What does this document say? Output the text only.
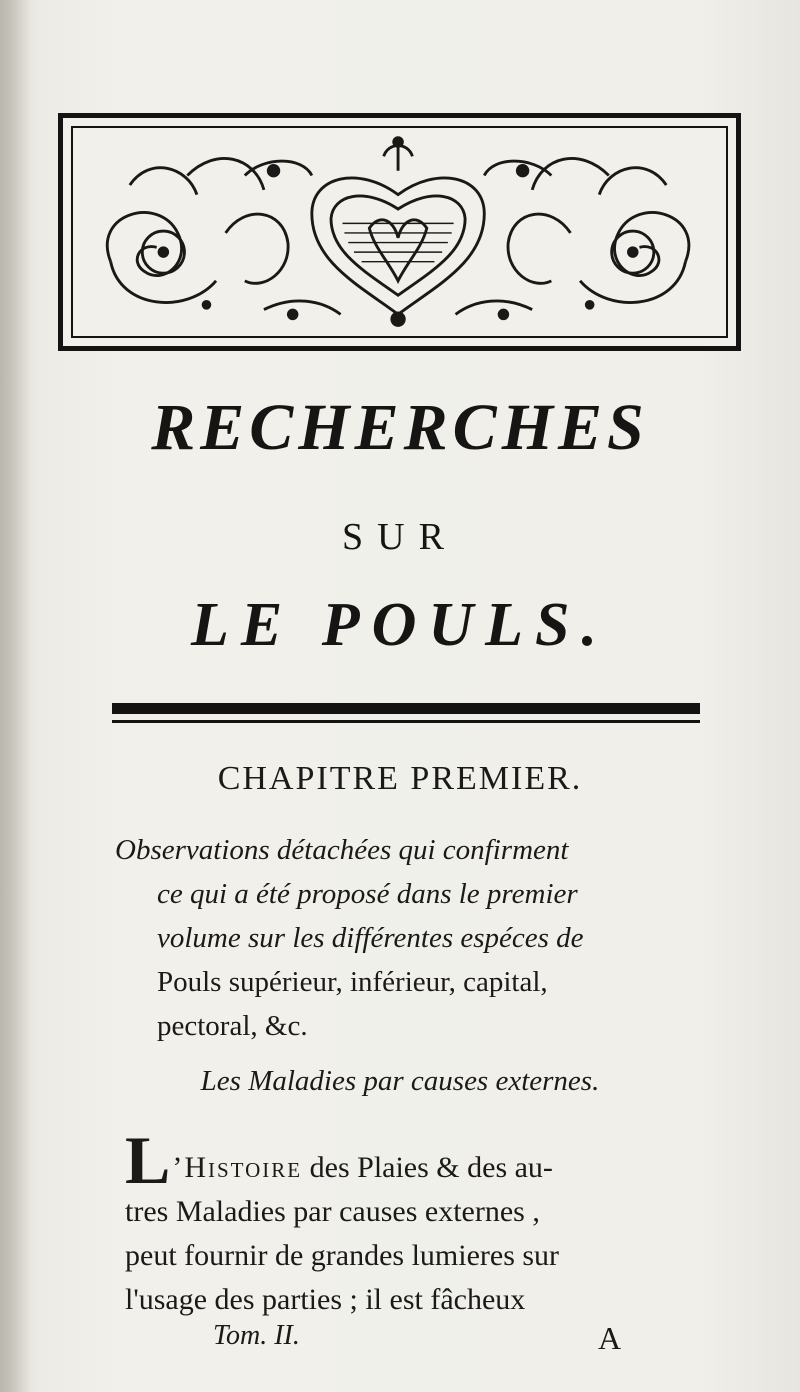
RECHERCHES
SUR
LE POULS.
CHAPITRE PREMIER.
Observations détachées qui confirment
ce qui a été proposé dans le premier
volume sur les différentes espéces de
Pouls supérieur, inférieur, capital,
pectoral, &c.
Les Maladies par causes externes.
L’Histoire des Plaies & des au-
tres Maladies par causes externes ,
peut fournir de grandes lumieres sur
l'usage des parties ; il est fâcheux
Tom. II.	A
